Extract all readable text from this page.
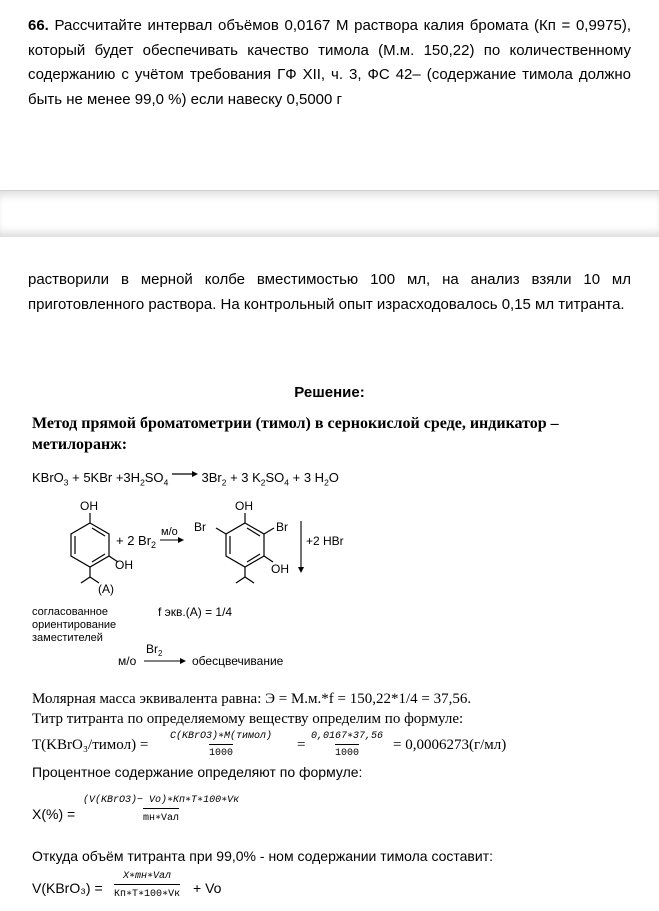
66. Рассчитайте интервал объёмов 0,0167 М раствора калия бромата (Кп = 0,9975), который будет обеспечивать качество тимола (М.м. 150,22) по количественному содержанию с учётом требования ГФ XII, ч. 3, ФС 42– (содержание тимола должно быть не менее 99,0 %) если навеску 0,5000 г
растворили в мерной колбе вместимостью 100 мл, на анализ взяли 10 мл приготовленного раствора. На контрольный опыт израсходовалось 0,15 мл титранта.
Решение:
Метод прямой броматометрии (тимол) в сернокислой среде, индикатор – метилоранж:
KBrO$_3$ + $5KBr +3H_2SO_4 \to 3Br_2 + 3$ $K_2SO_4 + 3$ $H_2O$
OH
OH
(A)
+ 2 $Br_2$
м/о
OH
Br	Br
OH
+2 HBr
согласованное
ориентирование
заместителей
f экв.(А) = 1/4
м/о
$Br_2$
обесцвечивание
Молярная масса эквивалента равна: Э = М.м.*f = 150,22*1/4 = 37,56.
Титр титранта по определяемому веществу определим по формуле:
T(KBrO₃/тимол) =
C(KBrO3)∗M(тимол)
1000
= $\frac{0,0167∗37,56}{1000} = 0,0006273(г/мл)$
Процентное содержание определяют по формуле:
X(%) =
(V(KBrO3)− Vo)∗Кп∗Т∗100∗Vк
mн∗Vал
Откуда объём титранта при 99,0% - ном содержании тимола составит:
V(KBrO₃) =
X∗mн∗Vал
Кп∗Т∗100∗Vк + Vo
